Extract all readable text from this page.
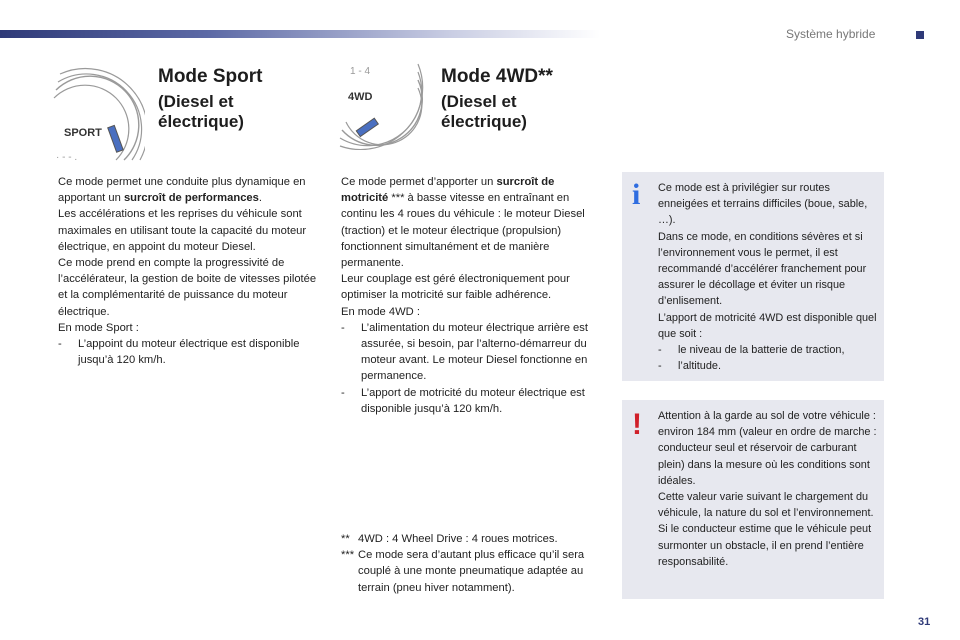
Système hybride
SPORT
· - - .
1 - 4
4WD
Mode Sport
(Diesel et
électrique)
Mode 4WD**
(Diesel et
électrique)

Ce mode permet une conduite plus dynamique en apportant un surcroît de performances.

Les accélérations et les reprises du véhicule sont maximales en utilisant toute la capacité du moteur électrique, en appoint du moteur Diesel.

Ce mode prend en compte la progressivité de l’accélérateur, la gestion de boite de vitesses pilotée et la complémentarité de puissance du moteur électrique.

En mode Sport :

-	L’appoint du moteur électrique est disponible jusqu’à 120 km/h.

Ce mode permet d’apporter un surcroît de motricité *** à basse vitesse en entraînant en continu les 4 roues du véhicule : le moteur Diesel (traction) et le moteur électrique (propulsion) fonctionnent simultanément et de manière permanente.

Leur couplage est géré électroniquement pour optimiser la motricité sur faible adhérence.

En mode 4WD :

-	L’alimentation du moteur électrique arrière est assurée, si besoin, par l’alterno-démarreur du moteur avant. Le moteur Diesel fonctionne en permanence.
-	L’apport de motricité du moteur électrique est disponible jusqu’à 120 km/h.
** 4WD : 4 Wheel Drive : 4 roues motrices.
*** Ce mode sera d’autant plus efficace qu’il sera couplé à une monte pneumatique adaptée au terrain (pneu hiver notamment).
i Ce mode est à privilégier sur routes enneigées et terrains difficiles (boue, sable, …).

Dans ce mode, en conditions sévères et si l’environnement vous le permet, il est recommandé d’accélérer franchement pour assurer le décollage et éviter un risque d’enlisement.

L’apport de motricité 4WD est disponible quel que soit :

-	le niveau de la batterie de traction,
-	l’altitude.
! Attention à la garde au sol de votre véhicule : environ 184 mm (valeur en ordre de marche : conducteur seul et réservoir de carburant plein) dans la mesure où les conditions sont idéales.

Cette valeur varie suivant le chargement du véhicule, la nature du sol et l’environnement.

Si le conducteur estime que le véhicule peut surmonter un obstacle, il en prend l’entière responsabilité.

31
